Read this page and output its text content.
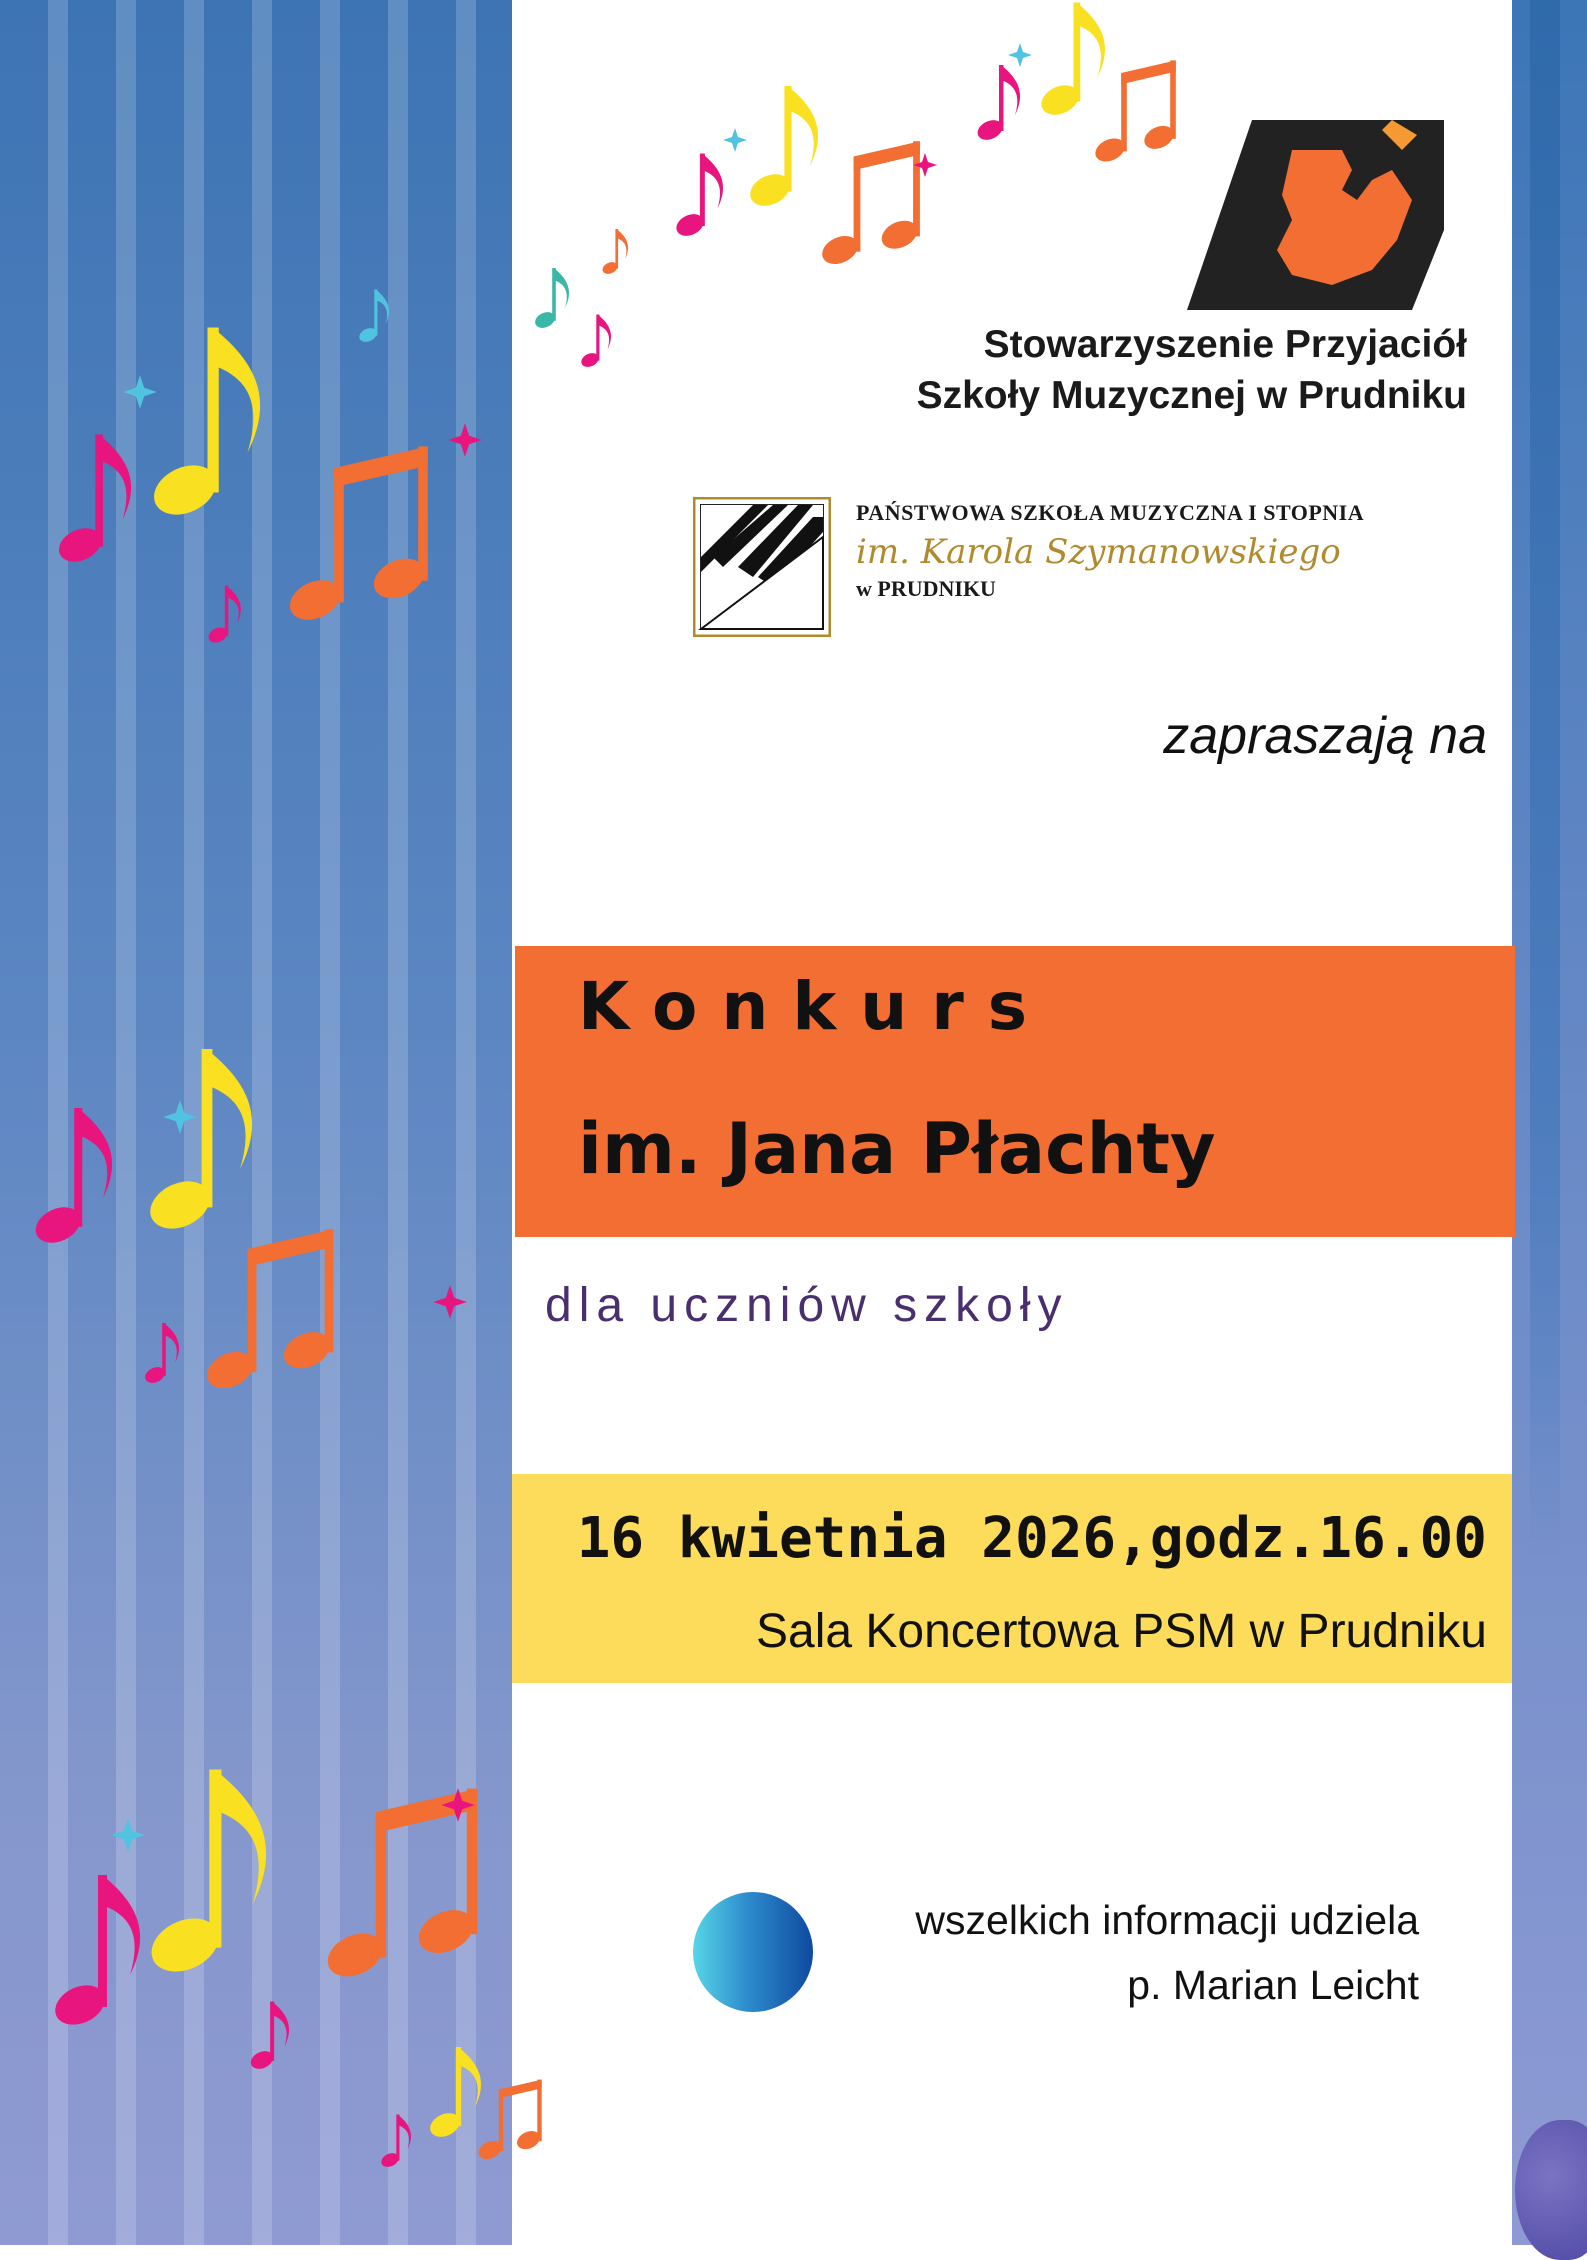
Stowarzyszenie Przyjaciół
Szkoły Muzycznej w Prudniku
PAŃSTWOWA SZKOŁA MUZYCZNA I STOPNIA
im. Karola Szymanowskiego
w PRUDNIKU
zapraszają na
Konkurs
im. Jana Płachty
dla uczniów szkoły
16 kwietnia 2026,godz.16.00
Sala Koncertowa PSM w Prudniku
wszelkich informacji udziela
p. Marian Leicht
